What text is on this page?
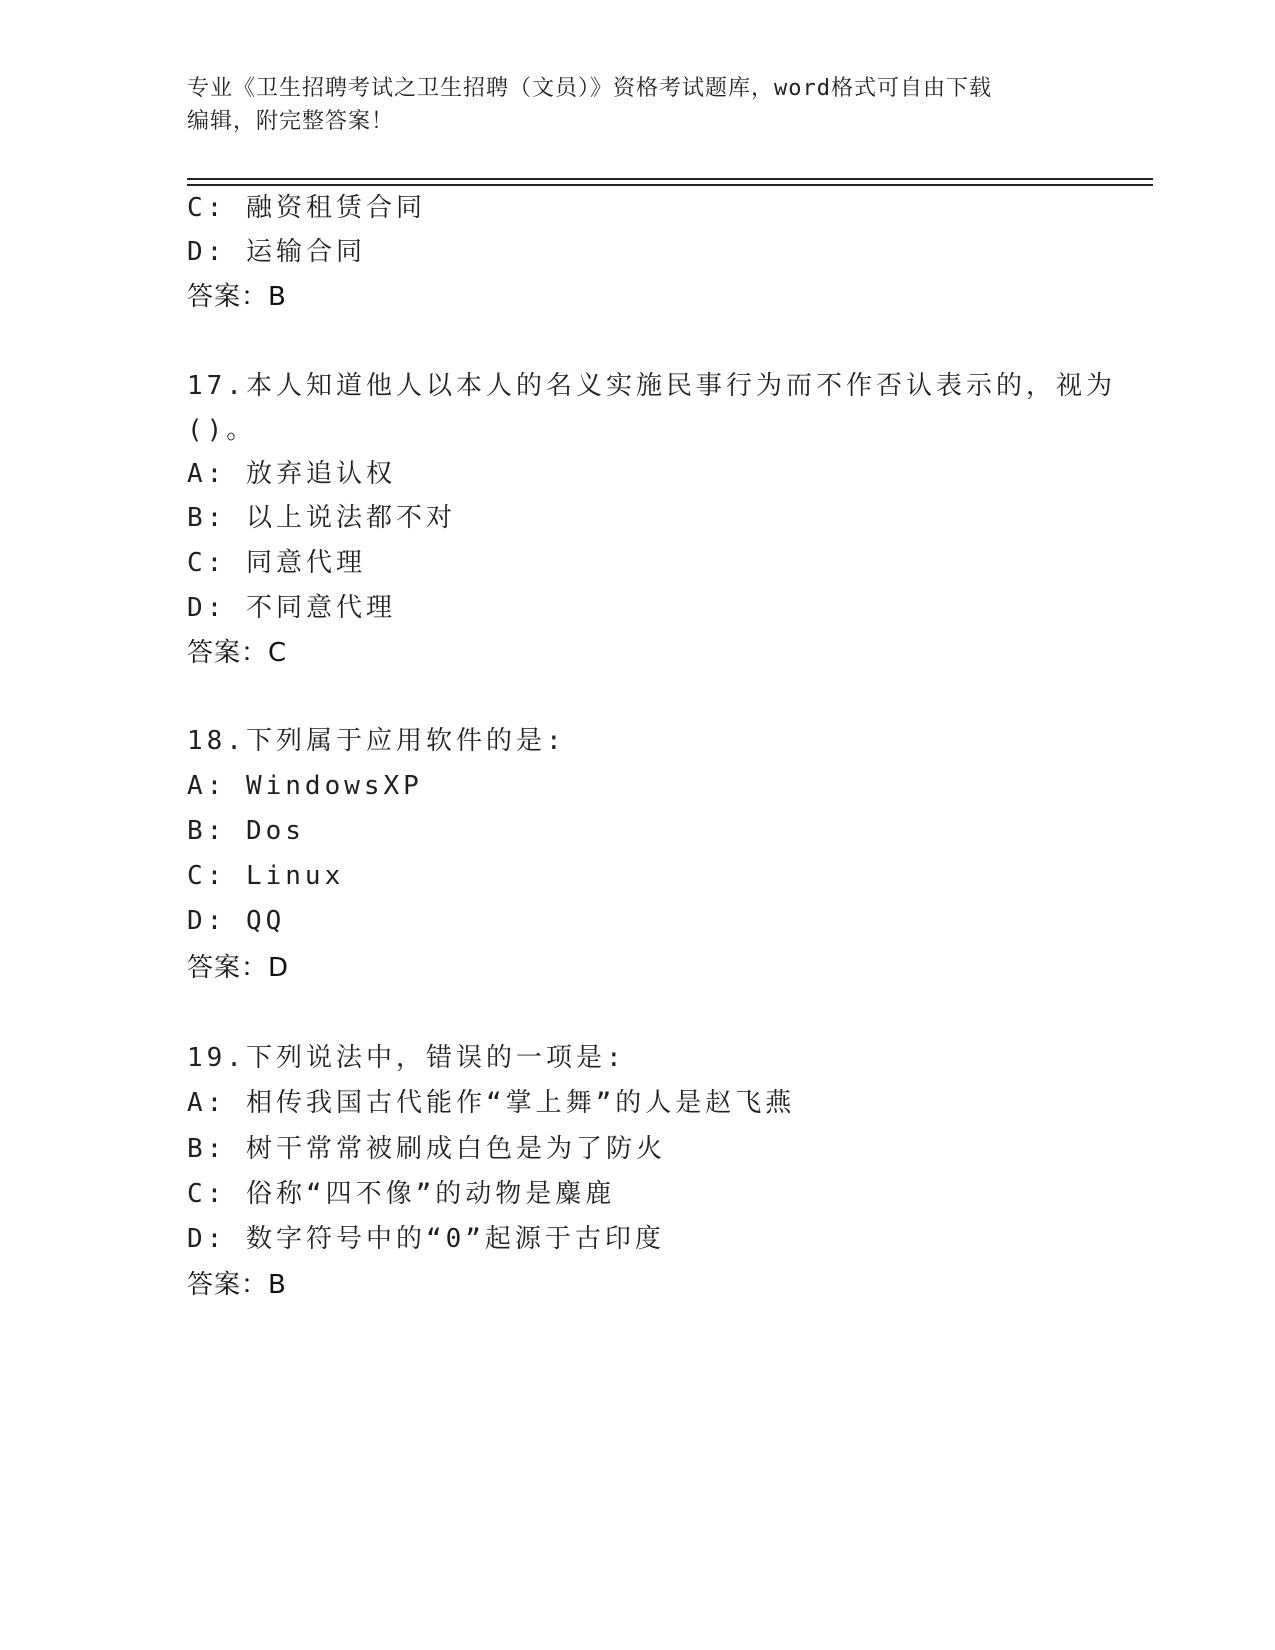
专业《卫生招聘考试之卫生招聘（文员）》资格考试题库，word格式可自由下载
编辑，附完整答案！
C: 融资租赁合同
D: 运输合同
答案：B
17.本人知道他人以本人的名义实施民事行为而不作否认表示的，视为
()。
A: 放弃追认权
B: 以上说法都不对
C: 同意代理
D: 不同意代理
答案：C
18.下列属于应用软件的是:
A: WindowsXP
B: Dos
C: Linux
D: QQ
答案：D
19.下列说法中，错误的一项是:
A: 相传我国古代能作“掌上舞”的人是赵飞燕
B: 树干常常被刷成白色是为了防火
C: 俗称“四不像”的动物是麋鹿
D: 数字符号中的“0”起源于古印度
答案：B
